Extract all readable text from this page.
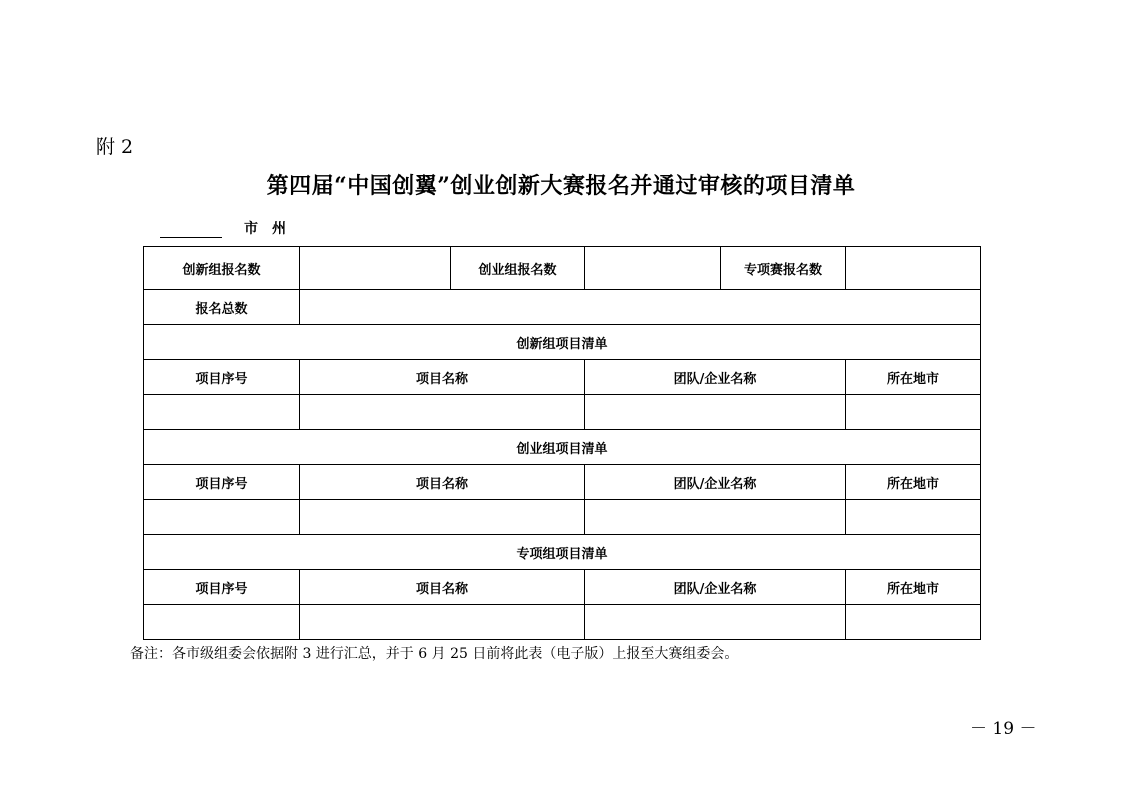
附 2
第四届“中国创翼”创业创新大赛报名并通过审核的项目清单
市州
创新组报名数		创业组报名数		专项赛报名数	
报名总数					
创新组项目清单					
项目序号	项目名称		团队/企业名称		所在地市

创业组项目清单					
项目序号	项目名称		团队/企业名称		所在地市

专项组项目清单					
项目序号	项目名称		团队/企业名称		所在地市

备注：各市级组委会依据附 3 进行汇总，并于 6 月 25 日前将此表（电子版）上报至大赛组委会。
－ 19 －
